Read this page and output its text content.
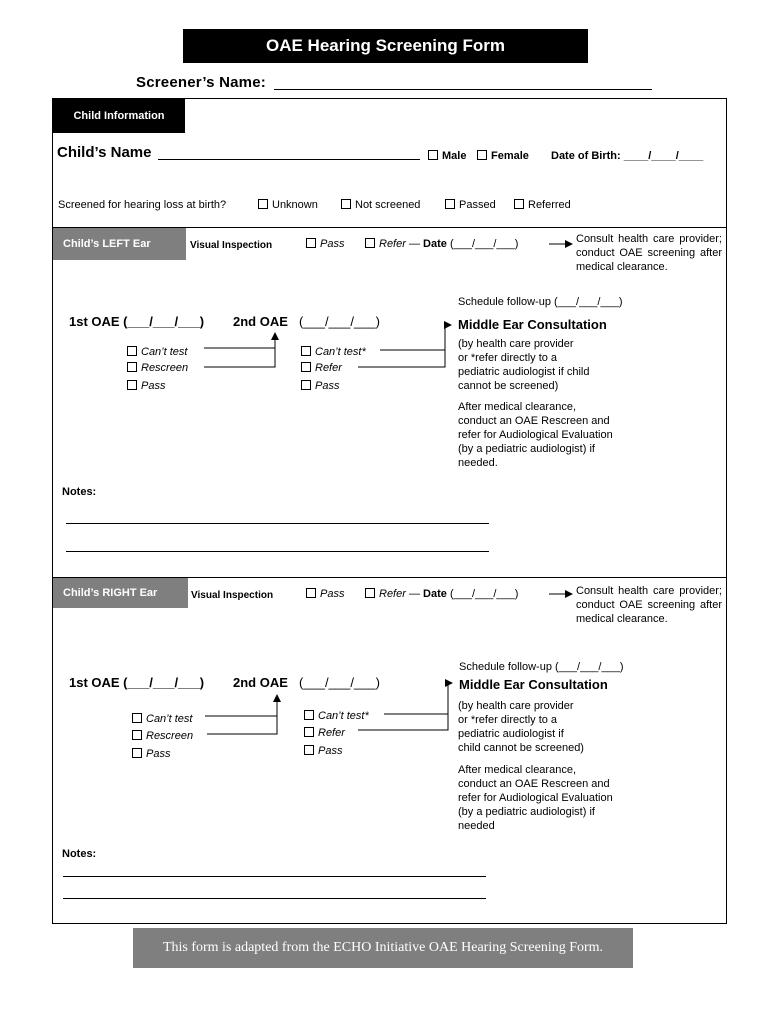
OAE Hearing Screening Form
Screener’s Name:
Child Information
Child’s Name	Male	Female Date of Birth: ____/____/____
Screened for hearing loss at birth?	Unknown	Not screened	Passed	Referred
Child’s LEFT Ear	Visual Inspection	Pass	Refer — Date (___/___/___)	Consult health care provider; conduct OAE screening after medical clearance.
Schedule follow-up (___/___/___)
1st OAE (___/___/___) 2nd OAE (___/___/___)	Middle Ear Consultation
Can’t test
Rescreen
Pass
Can’t test*
Refer
Pass
(by health care provider
or *refer directly to a
pediatric audiologist if child
cannot be screened)
After medical clearance,
conduct an OAE Rescreen and
refer for Audiological Evaluation
(by a pediatric audiologist) if
needed.
Notes:
Child’s RIGHT Ear	Visual Inspection	Pass	Refer — Date (___/___/___)	Consult health care provider; conduct OAE screening after medical clearance.
Schedule follow-up (___/___/___)
1st OAE (___/___/___) 2nd OAE (___/___/___)	Middle Ear Consultation
Can’t test
Rescreen
Pass
Can’t test*
Refer
Pass
(by health care provider
or *refer directly to a
pediatric audiologist if
child cannot be screened)
After medical clearance,
conduct an OAE Rescreen and
refer for Audiological Evaluation
(by a pediatric audiologist) if
needed
Notes:
This form is adapted from the ECHO Initiative OAE Hearing Screening Form.
